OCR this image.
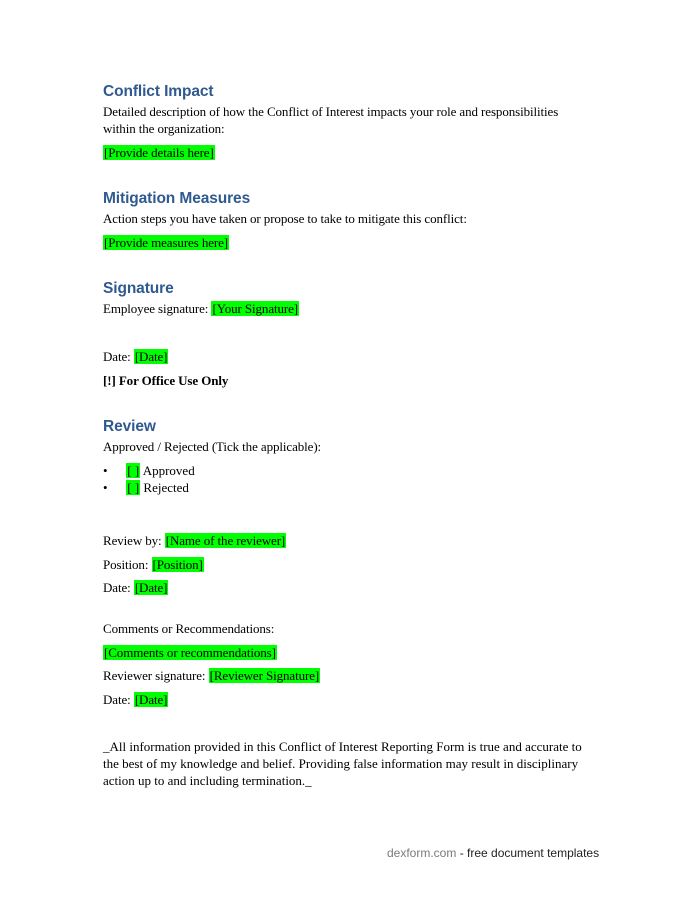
Conflict Impact
Detailed description of how the Conflict of Interest impacts your role and responsibilities
within the organization:
[Provide details here]
Mitigation Measures
Action steps you have taken or propose to take to mitigate this conflict:
[Provide measures here]
Signature
Employee signature: [Your Signature]
Date: [Date]
[!] For Office Use Only
Review
Approved / Rejected (Tick the applicable):
• [ ] Approved
• [ ] Rejected
Review by: [Name of the reviewer]
Position: [Position]
Date: [Date]
Comments or Recommendations:
[Comments or recommendations]
Reviewer signature: [Reviewer Signature]
Date: [Date]
_All information provided in this Conflict of Interest Reporting Form is true and accurate to the best of my knowledge and belief. Providing false information may result in disciplinary action up to and including termination._
dexform.com - free document templates
